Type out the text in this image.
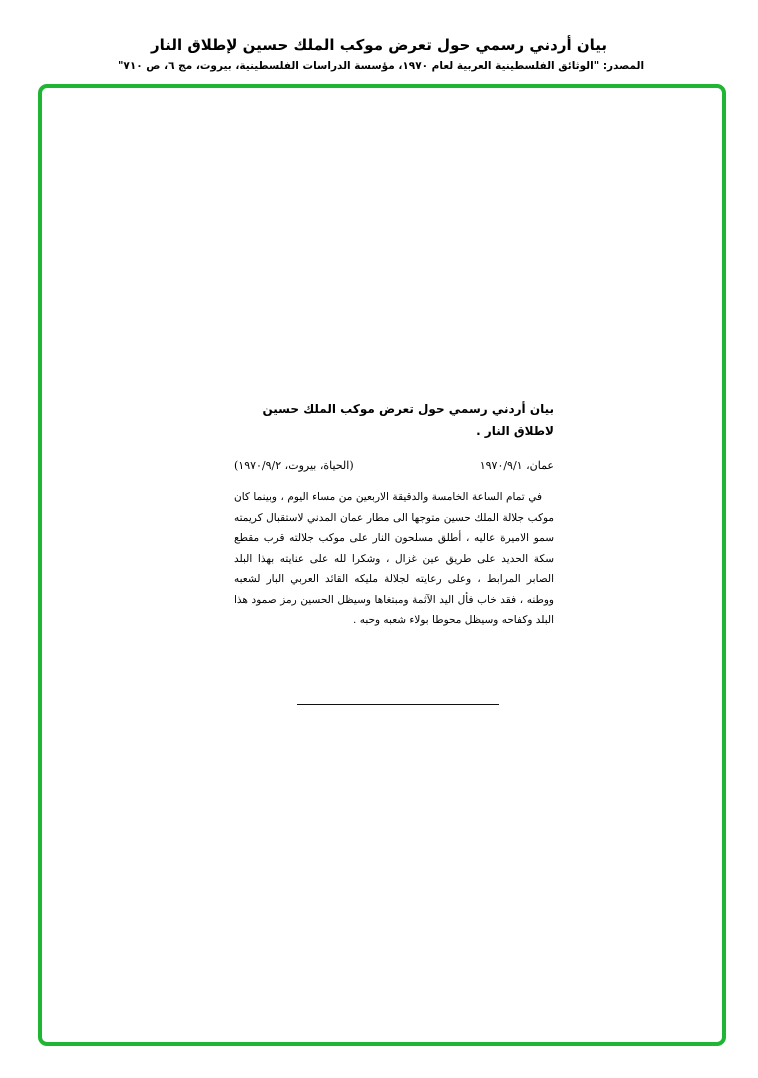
بيان أردني رسمي حول تعرض موكب الملك حسين لإطلاق النار
المصدر: "الوثائق الفلسطينية العربية لعام ١٩٧٠، مؤسسة الدراسات الفلسطينية، بيروت، مج ٦، ص ٧١٠"

بيان أردني رسمي حول تعرض موكب الملك حسين لاطلاق النار .

عمان، ١٩٧٠/٩/١
(الحياة، بيروت، ١٩٧٠/٩/٢)
في تمام الساعة الخامسة والدقيقة الاربعين من مساء اليوم ، وبينما كان موكب جلالة الملك حسين متوجها الى مطار عمان المدني لاستقبال كريمته سمو الاميرة عاليه ، أطلق مسلحون النار على موكب جلالته قرب مقطع سكة الحديد على طريق عين غزال ، وشكرا لله على عنايته بهذا البلد الصابر المرابط ، وعلى رعايته لجلالة مليكه القائد العربي البار لشعبه ووطنه ، فقد خاب فأل اليد الآثمة ومبتغاها وسيظل الحسين رمز صمود هذا البلد وكفاحه وسيظل محوطا بولاء شعبه وحبه .
